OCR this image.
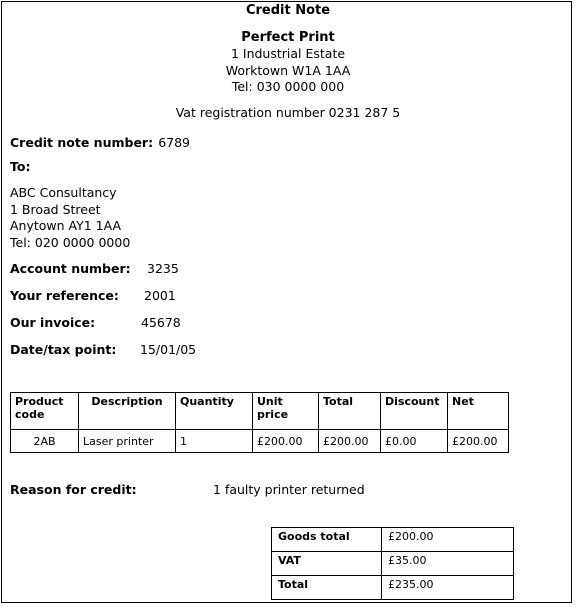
Credit Note
Perfect Print
1 Industrial Estate
Worktown W1A 1AA
Tel: 030 0000 000
Vat registration number 0231 287 5
Credit note number: 6789
To:
ABC Consultancy
1 Broad Street
Anytown AY1 1AA
Tel: 020 0000 0000
Account number: 3235
Your reference: 2001
Our invoice:	45678
Date/tax point: 15/01/05
Product code	Description	Quantity	Unit price	Total	Discount	Net
2AB	Laser printer	1	£200.00	£200.00	£0.00	£200.00
Reason for credit:	1 faulty printer returned
Goods total	£200.00
VAT	£35.00
Total	£235.00
